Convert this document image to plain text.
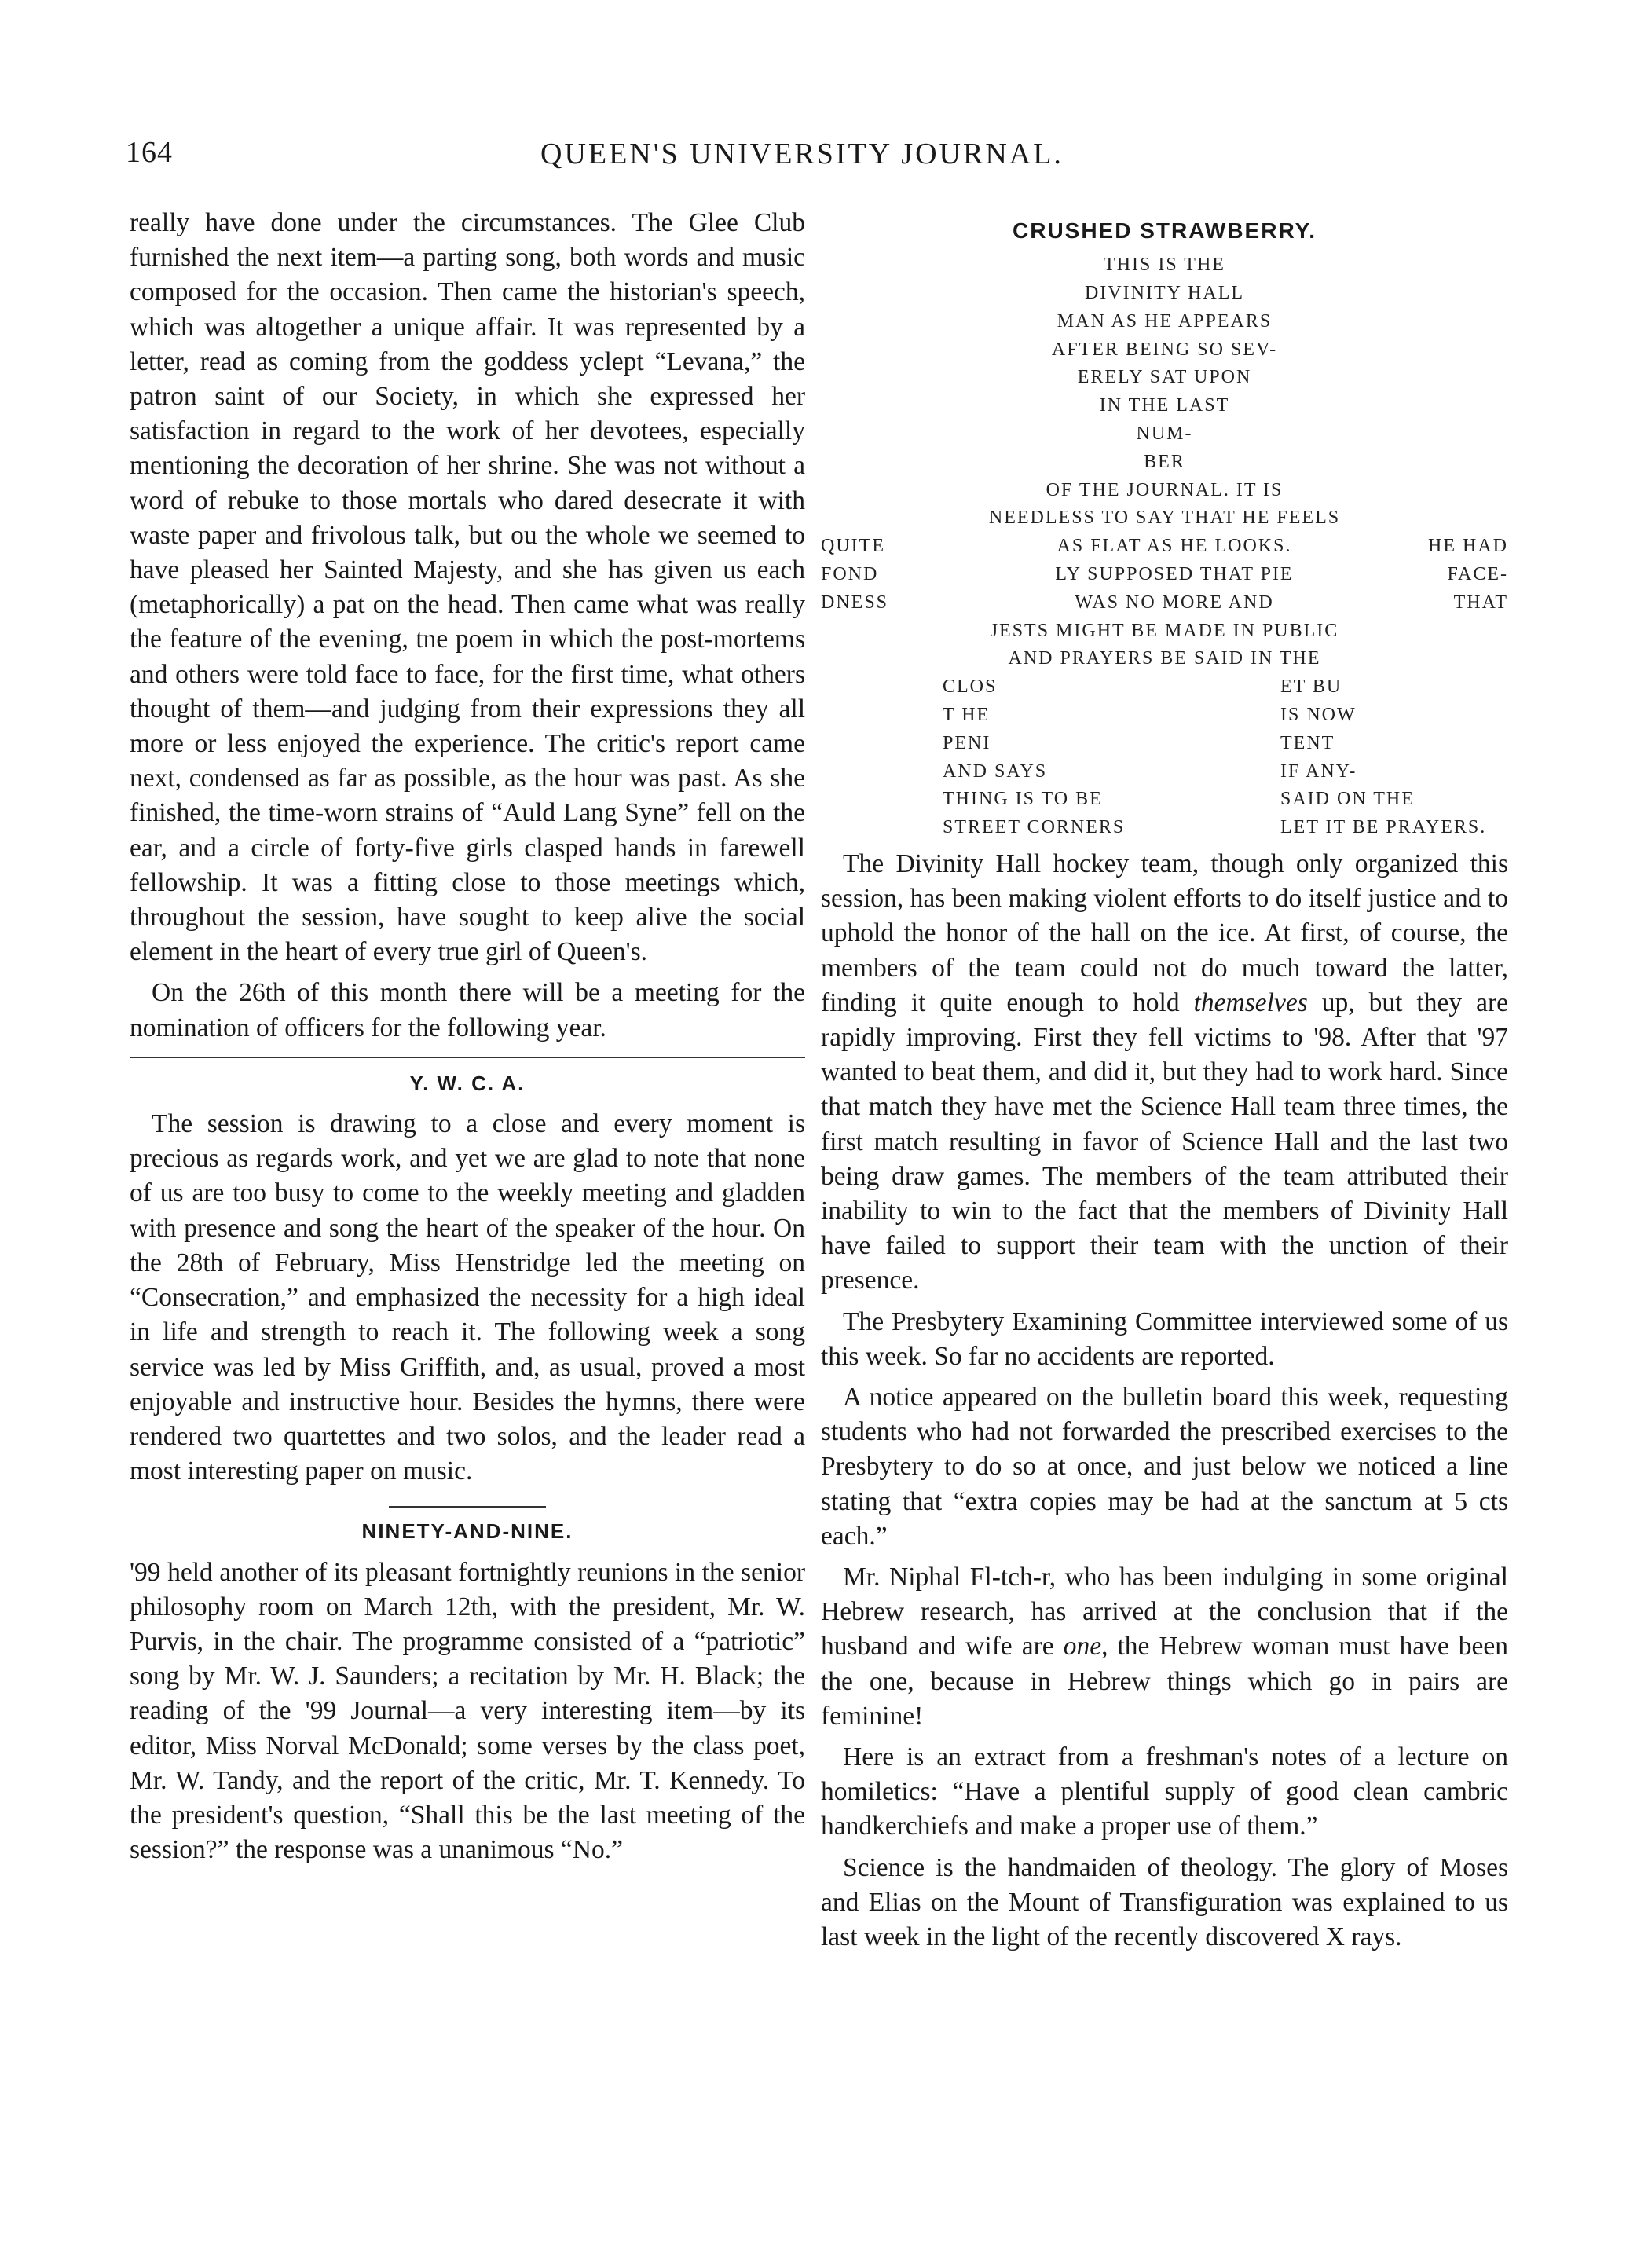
164	QUEEN'S UNIVERSITY JOURNAL.

really have done under the circumstances. The Glee Club furnished the next item—a parting song, both words and music composed for the occasion. Then came the historian's speech, which was altogether a unique affair. It was represented by a letter, read as coming from the goddess yclept “Levana,” the patron saint of our Society, in which she expressed her satisfaction in regard to the work of her devotees, especially mentioning the decoration of her shrine. She was not without a word of rebuke to those mortals who dared desecrate it with waste paper and frivolous talk, but ou the whole we seemed to have pleased her Sainted Majesty, and she has given us each (metaphorically) a pat on the head. Then came what was really the feature of the evening, tne poem in which the post-mortems and others were told face to face, for the first time, what others thought of them—and judging from their expressions they all more or less enjoyed the experience. The critic's report came next, condensed as far as possible, as the hour was past. As she finished, the time-worn strains of “Auld Lang Syne” fell on the ear, and a circle of forty-five girls clasped hands in farewell fellowship. It was a fitting close to those meetings which, throughout the session, have sought to keep alive the social element in the heart of every true girl of Queen's.

On the 26th of this month there will be a meeting for the nomination of officers for the following year.

Y. W. C. A.

The session is drawing to a close and every moment is precious as regards work, and yet we are glad to note that none of us are too busy to come to the weekly meeting and gladden with presence and song the heart of the speaker of the hour. On the 28th of February, Miss Henstridge led the meeting on “Consecration,” and emphasized the necessity for a high ideal in life and strength to reach it. The following week a song service was led by Miss Griffith, and, as usual, proved a most enjoyable and instructive hour. Besides the hymns, there were rendered two quartettes and two solos, and the leader read a most interesting paper on music.

NINETY-AND-NINE.

'99 held another of its pleasant fortnightly reunions in the senior philosophy room on March 12th, with the president, Mr. W. Purvis, in the chair. The programme consisted of a “patriotic” song by Mr. W. J. Saunders; a recitation by Mr. H. Black; the reading of the '99 Journal—a very interesting item—by its editor, Miss Norval McDonald; some verses by the class poet, Mr. W. Tandy, and the report of the critic, Mr. T. Kennedy. To the president's question, “Shall this be the last meeting of the session?” the response was a unanimous “No.”

CRUSHED STRAWBERRY.
THIS IS THE
DIVINITY HALL
MAN AS HE APPEARS
AFTER BEING SO SEV-
ERELY SAT UPON
IN THE LAST
NUM-
BER
OF THE JOURNAL. IT IS
NEEDLESS TO SAY THAT HE FEELS
QUITE	AS FLAT AS HE LOOKS.	HE HAD
FOND	LY SUPPOSED THAT PIE	FACE-
DNESS	WAS NO MORE AND	THAT
JESTS MIGHT BE MADE IN PUBLIC
AND PRAYERS BE SAID IN THE
CLOS	ET BU
T HE	IS NOW
PENI	TENT
AND SAYS	IF ANY-
THING IS TO BE	SAID ON THE
STREET CORNERS	LET IT BE PRAYERS.

The Divinity Hall hockey team, though only organized this session, has been making violent efforts to do itself justice and to uphold the honor of the hall on the ice. At first, of course, the members of the team could not do much toward the latter, finding it quite enough to hold themselves up, but they are rapidly improving. First they fell victims to '98. After that '97 wanted to beat them, and did it, but they had to work hard. Since that match they have met the Science Hall team three times, the first match resulting in favor of Science Hall and the last two being draw games. The members of the team attributed their inability to win to the fact that the members of Divinity Hall have failed to support their team with the unction of their presence.

The Presbytery Examining Committee interviewed some of us this week. So far no accidents are reported.

A notice appeared on the bulletin board this week, requesting students who had not forwarded the prescribed exercises to the Presbytery to do so at once, and just below we noticed a line stating that “extra copies may be had at the sanctum at 5 cts each.”

Mr. Niphal Fl-tch-r, who has been indulging in some original Hebrew research, has arrived at the conclusion that if the husband and wife are one, the Hebrew woman must have been the one, because in Hebrew things which go in pairs are feminine!

Here is an extract from a freshman's notes of a lecture on homiletics: “Have a plentiful supply of good clean cambric handkerchiefs and make a proper use of them.”

Science is the handmaiden of theology. The glory of Moses and Elias on the Mount of Transfiguration was explained to us last week in the light of the recently discovered X rays.
